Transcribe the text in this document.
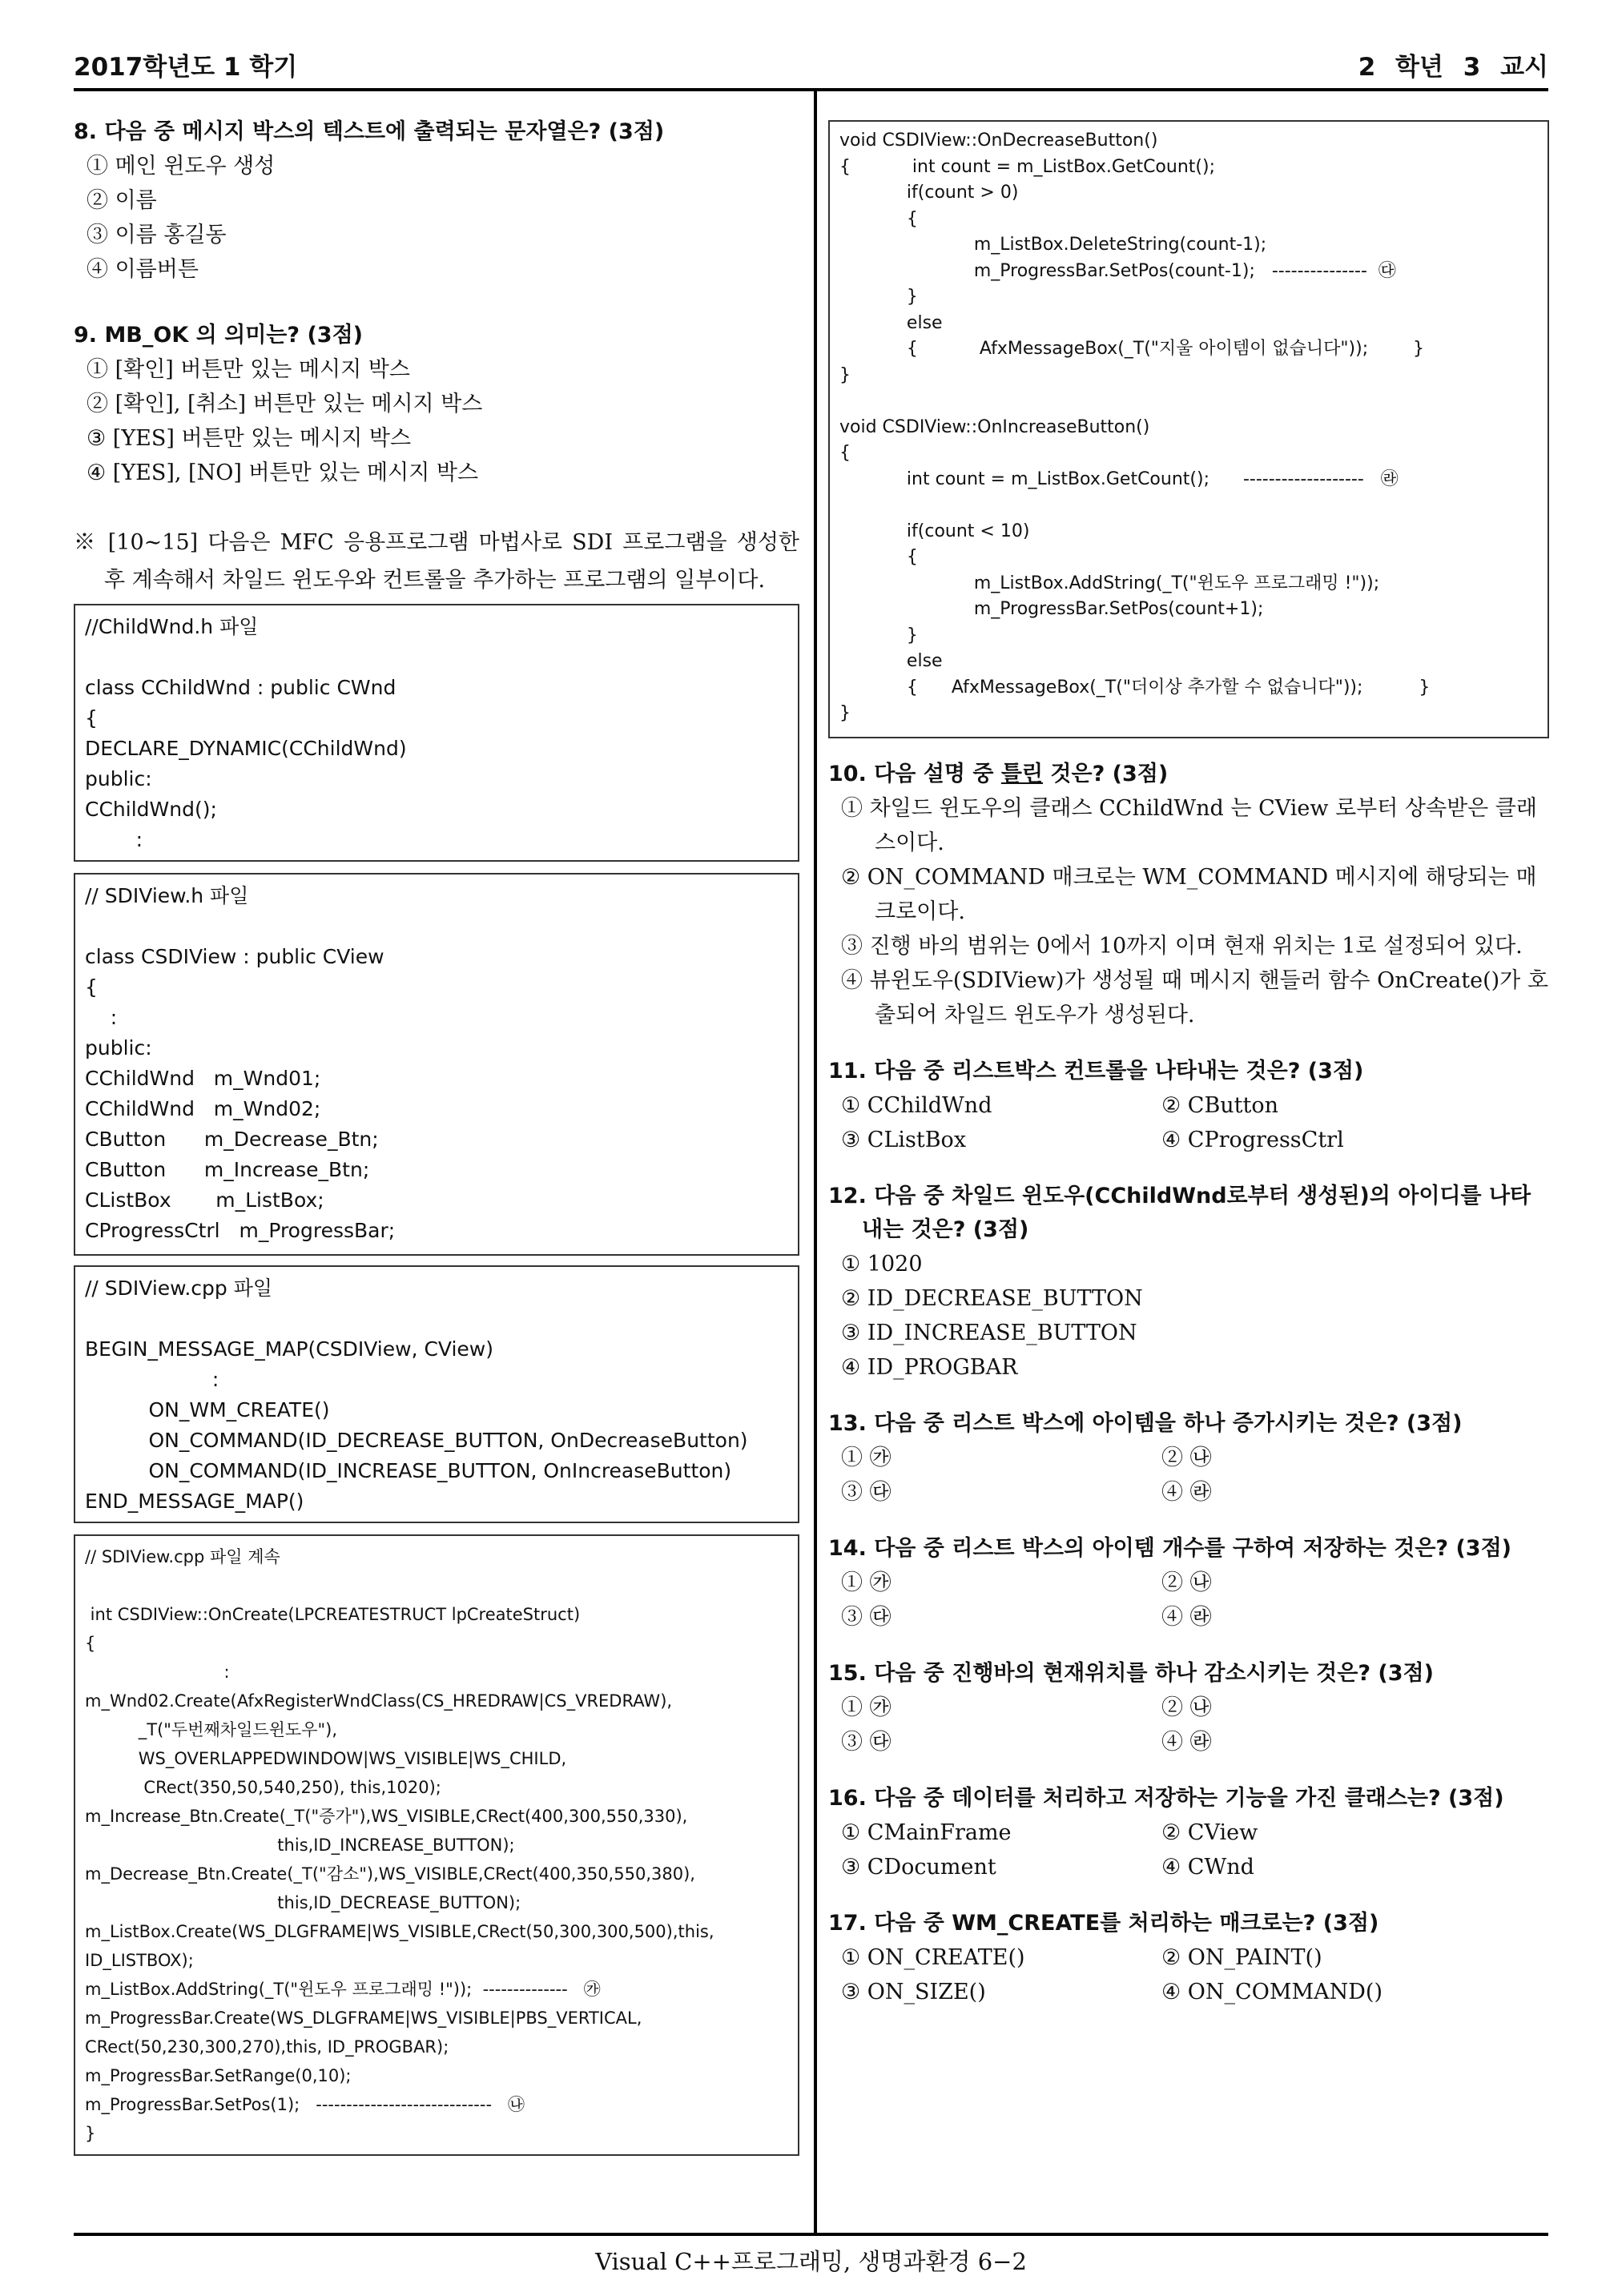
2017학년도 1 학기	2 학년 3 교시
8. 다음 중 메시지 박스의 텍스트에 출력되는 문자열은? (3점)
① 메인 윈도우 생성
② 이름
③ 이름 홍길동
④ 이름버튼
9. MB_OK 의 의미는? (3점)
① [확인] 버튼만 있는 메시지 박스
② [확인], [취소] 버튼만 있는 메시지 박스
③ [YES] 버튼만 있는 메시지 박스
④ [YES], [NO] 버튼만 있는 메시지 박스
※ [10∼15] 다음은 MFC 응용프로그램 마법사로 SDI 프로그램을 생성한 후 계속해서 차일드 윈도우와 컨트롤을 추가하는 프로그램의 일부이다.
//ChildWnd.h 파일

class CChildWnd : public CWnd
{
DECLARE_DYNAMIC(CChildWnd)
public:
CChildWnd();
:
// SDIView.h 파일

class CSDIView : public CView
{
:
public:
CChildWnd   m_Wnd01;
CChildWnd   m_Wnd02;
CButton      m_Decrease_Btn;
CButton      m_Increase_Btn;
CListBox       m_ListBox;
CProgressCtrl   m_ProgressBar;
// SDIView.cpp 파일

BEGIN_MESSAGE_MAP(CSDIView, CView)
:
ON_WM_CREATE()
ON_COMMAND(ID_DECREASE_BUTTON, OnDecreaseButton)
ON_COMMAND(ID_INCREASE_BUTTON, OnIncreaseButton)
END_MESSAGE_MAP()
// SDIView.cpp 파일 계속

int CSDIView::OnCreate(LPCREATESTRUCT lpCreateStruct)
{
:
m_Wnd02.Create(AfxRegisterWndClass(CS_HREDRAW|CS_VREDRAW),
_T("두번째차일드윈도우"),
WS_OVERLAPPEDWINDOW|WS_VISIBLE|WS_CHILD,
CRect(350,50,540,250), this,1020);
m_Increase_Btn.Create(_T("증가"),WS_VISIBLE,CRect(400,300,550,330),
this,ID_INCREASE_BUTTON);
m_Decrease_Btn.Create(_T("감소"),WS_VISIBLE,CRect(400,350,550,380),
this,ID_DECREASE_BUTTON);
m_ListBox.Create(WS_DLGFRAME|WS_VISIBLE,CRect(50,300,300,500),this,
ID_LISTBOX);
m_ListBox.AddString(_T("윈도우 프로그래밍 !"));  --------------   ㉮
m_ProgressBar.Create(WS_DLGFRAME|WS_VISIBLE|PBS_VERTICAL,
CRect(50,230,300,270),this, ID_PROGBAR);
m_ProgressBar.SetRange(0,10);
m_ProgressBar.SetPos(1);   -----------------------------   ㉯
}
void CSDIView::OnDecreaseButton()
{           int count = m_ListBox.GetCount();
if(count > 0)
{
m_ListBox.DeleteString(count-1);
m_ProgressBar.SetPos(count-1);   ---------------  ㉰
}
else
{           AfxMessageBox(_T("지울 아이템이 없습니다"));        }
}

void CSDIView::OnIncreaseButton()
{
int count = m_ListBox.GetCount();      -------------------   ㉱

if(count < 10)
{
m_ListBox.AddString(_T("윈도우 프로그래밍 !"));
m_ProgressBar.SetPos(count+1);
}
else
{      AfxMessageBox(_T("더이상 추가할 수 없습니다"));          }
}
10. 다음 설명 중 틀린 것은? (3점)
① 차일드 윈도우의 클래스 CChildWnd 는 CView 로부터 상속받은 클래스이다.
② ON_COMMAND 매크로는 WM_COMMAND 메시지에 해당되는 매크로이다.
③ 진행 바의 범위는 0에서 10까지 이며 현재 위치는 1로 설정되어 있다.
④ 뷰윈도우(SDIView)가 생성될 때 메시지 핸들러 함수 OnCreate()가 호출되어 차일드 윈도우가 생성된다.
11. 다음 중 리스트박스 컨트롤을 나타내는 것은? (3점)
① CChildWnd	② CButton
③ CListBox	④ CProgressCtrl
12. 다음 중 차일드 윈도우(CChildWnd로부터 생성된)의 아이디를 나타내는 것은? (3점)
① 1020
② ID_DECREASE_BUTTON
③ ID_INCREASE_BUTTON
④ ID_PROGBAR
13. 다음 중 리스트 박스에 아이템을 하나 증가시키는 것은? (3점)
① ㉮	② ㉯
③ ㉰	④ ㉱
14. 다음 중 리스트 박스의 아이템 개수를 구하여 저장하는 것은? (3점)
① ㉮	② ㉯
③ ㉰	④ ㉱
15. 다음 중 진행바의 현재위치를 하나 감소시키는 것은? (3점)
① ㉮	② ㉯
③ ㉰	④ ㉱
16. 다음 중 데이터를 처리하고 저장하는 기능을 가진 클래스는? (3점)
① CMainFrame	② CView
③ CDocument	④ CWnd
17. 다음 중 WM_CREATE를 처리하는 매크로는? (3점)
① ON_CREATE()	② ON_PAINT()
③ ON_SIZE()	④ ON_COMMAND()
Visual C++프로그래밍, 생명과환경 6−2
